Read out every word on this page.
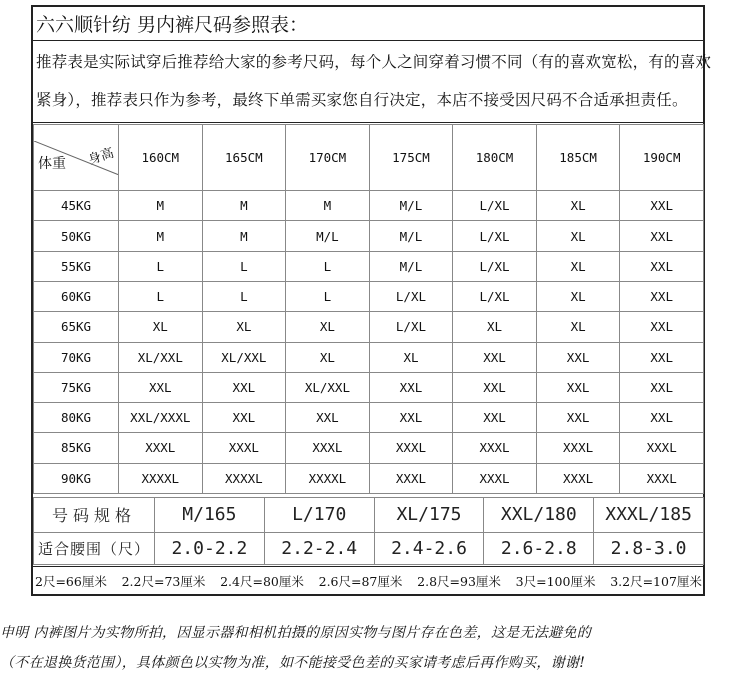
六六顺针纺 男内裤尺码参照表：
推荐表是实际试穿后推荐给大家的参考尺码，每个人之间穿着习惯不同（有的喜欢宽松，有的喜欢
紧身），推荐表只作为参考，最终下单需买家您自行决定，本店不接受因尺码不合适承担责任。
身高
体重	160CM	165CM	170CM	175CM	180CM	185CM	190CM
45KG	M	M	M	M/L	L/XL	XL	XXL
50KG	M	M	M/L	M/L	L/XL	XL	XXL
55KG	L	L	L	M/L	L/XL	XL	XXL
60KG	L	L	L	L/XL	L/XL	XL	XXL
65KG	XL	XL	XL	L/XL	XL	XL	XXL
70KG	XL/XXL	XL/XXL	XL	XL	XXL	XXL	XXL
75KG	XXL	XXL	XL/XXL	XXL	XXL	XXL	XXL
80KG	XXL/XXXL	XXL	XXL	XXL	XXL	XXL	XXL
85KG	XXXL	XXXL	XXXL	XXXL	XXXL	XXXL	XXXL
90KG	XXXXL	XXXXL	XXXXL	XXXL	XXXL	XXXL	XXXL
号码规格	M/165	L/170	XL/175	XXL/180	XXXL/185
适合腰围（尺）	2.0-2.2	2.2-2.4	2.4-2.6	2.6-2.8	2.8-3.0
2尺=66厘米 2.2尺=73厘米 2.4尺=80厘米 2.6尺=87厘米 2.8尺=93厘米 3尺=100厘米 3.2尺=107厘米
申明 内裤图片为实物所拍，因显示器和相机拍摄的原因实物与图片存在色差，这是无法避免的
（不在退换货范围），具体颜色以实物为准，如不能接受色差的买家请考虑后再作购买，谢谢!
